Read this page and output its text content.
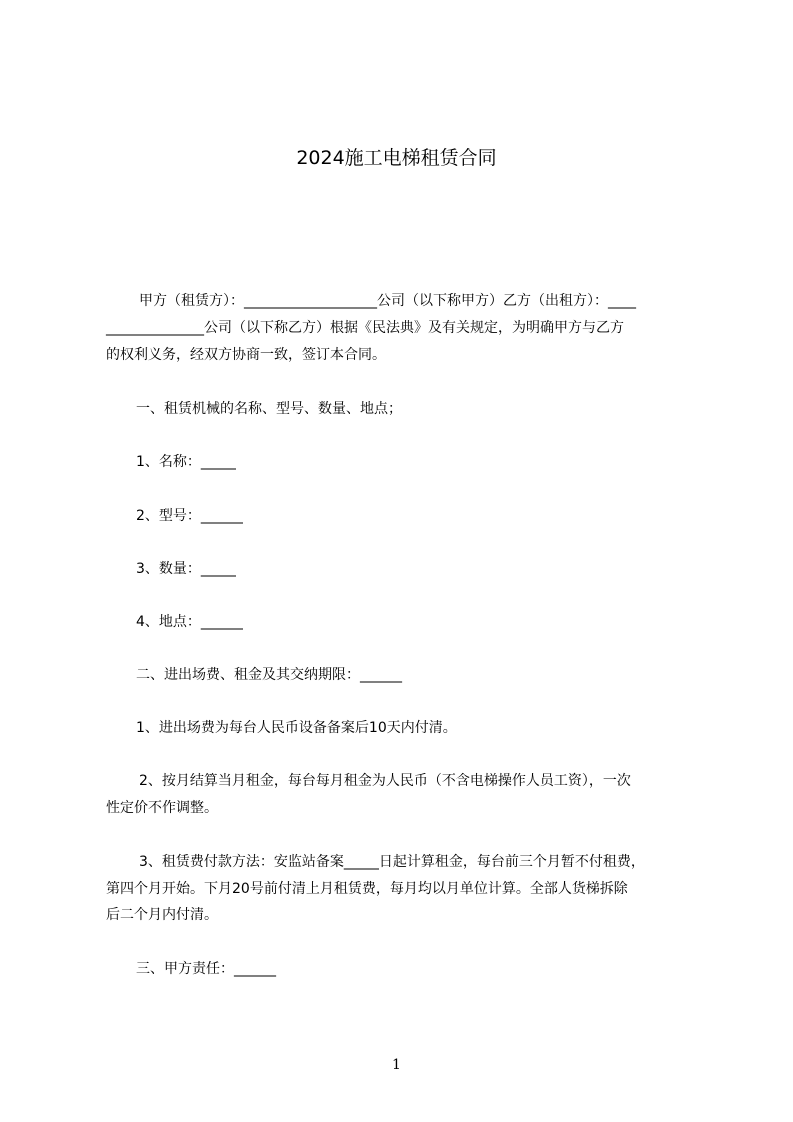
2024施工电梯租赁合同
甲方（租赁方）：___________________公司（以下称甲方）乙方（出租方）：____
______________公司（以下称乙方）根据《民法典》及有关规定，为明确甲方与乙方
的权利义务，经双方协商一致，签订本合同。
一、租赁机械的名称、型号、数量、地点；
1、名称：_____
2、型号：______
3、数量：_____
4、地点：______
二、进出场费、租金及其交纳期限：______
1、进出场费为每台人民币设备备案后10天内付清。
2、按月结算当月租金，每台每月租金为人民币（不含电梯操作人员工资），一次
性定价不作调整。
3、租赁费付款方法：安监站备案_____日起计算租金，每台前三个月暂不付租费，
第四个月开始。下月20号前付清上月租赁费，每月均以月单位计算。全部人货梯拆除
后二个月内付清。
三、甲方责任：______
1
